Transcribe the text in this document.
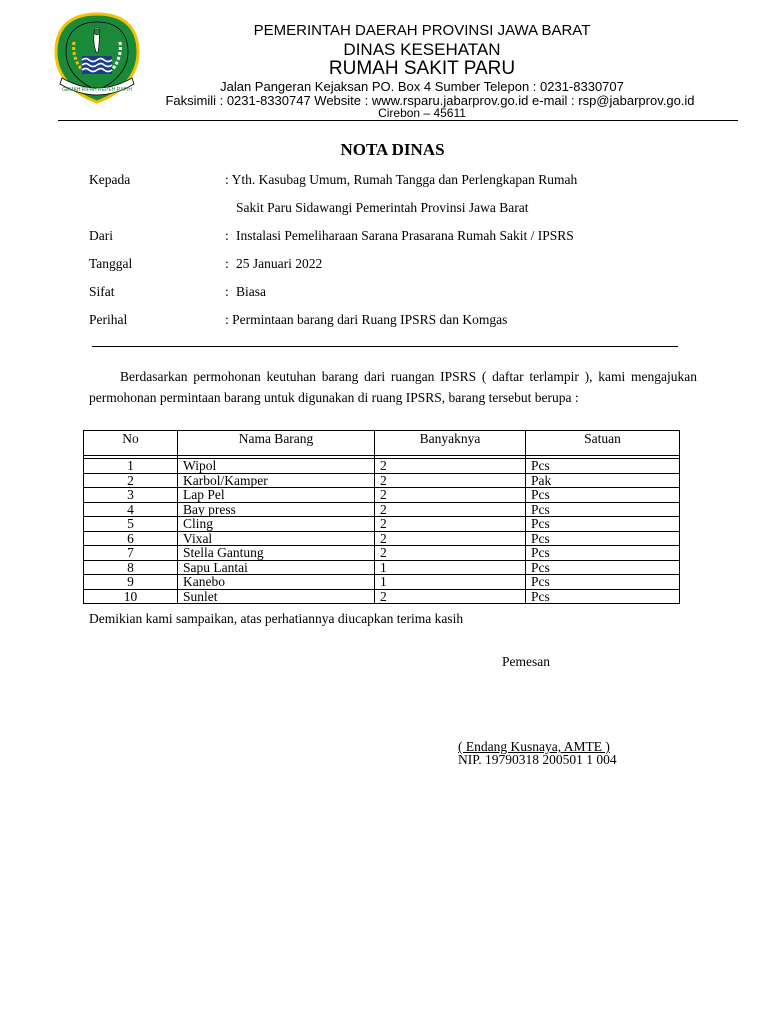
GEMAH RIPAH REPEH RAPIH
PEMERINTAH DAERAH PROVINSI JAWA BARAT
DINAS KESEHATAN
RUMAH SAKIT PARU
Jalan Pangeran Kejaksan PO. Box 4 Sumber Telepon : 0231-8330707
Faksimili : 0231-8330747 Website : www.rsparu.jabarprov.go.id e-mail : rsp@jabarprov.go.id
Cirebon – 45611
NOTA DINAS
Kepada	: Yth. Kasubag Umum, Rumah Tangga dan Perlengkapan Rumah
Sakit Paru Sidawangi Pemerintah Provinsi Jawa Barat
Dari	: Instalasi Pemeliharaan Sarana Prasarana Rumah Sakit / IPSRS
Tanggal	: 25 Januari 2022
Sifat	: Biasa
Perihal	: Permintaan barang dari Ruang IPSRS dan Komgas

Berdasarkan permohonan keutuhan barang dari ruangan IPSRS ( daftar terlampir ), kami mengajukan permohonan permintaan barang untuk digunakan di ruang IPSRS, barang tersebut berupa :

No	Nama Barang	Banyaknya	Satuan

1	Wipol	2	Pcs
2	Karbol/Kamper	2	Pak
3	Lap Pel	2	Pcs
4	Bay press	2	Pcs
5	Cling	2	Pcs
6	Vixal	2	Pcs
7	Stella Gantung	2	Pcs
8	Sapu Lantai	1	Pcs
9	Kanebo	1	Pcs
10	Sunlet	2	Pcs
Demikian kami sampaikan, atas perhatiannya diucapkan terima kasih
Pemesan
( Endang Kusnaya, AMTE )
NIP. 19790318 200501 1 004
